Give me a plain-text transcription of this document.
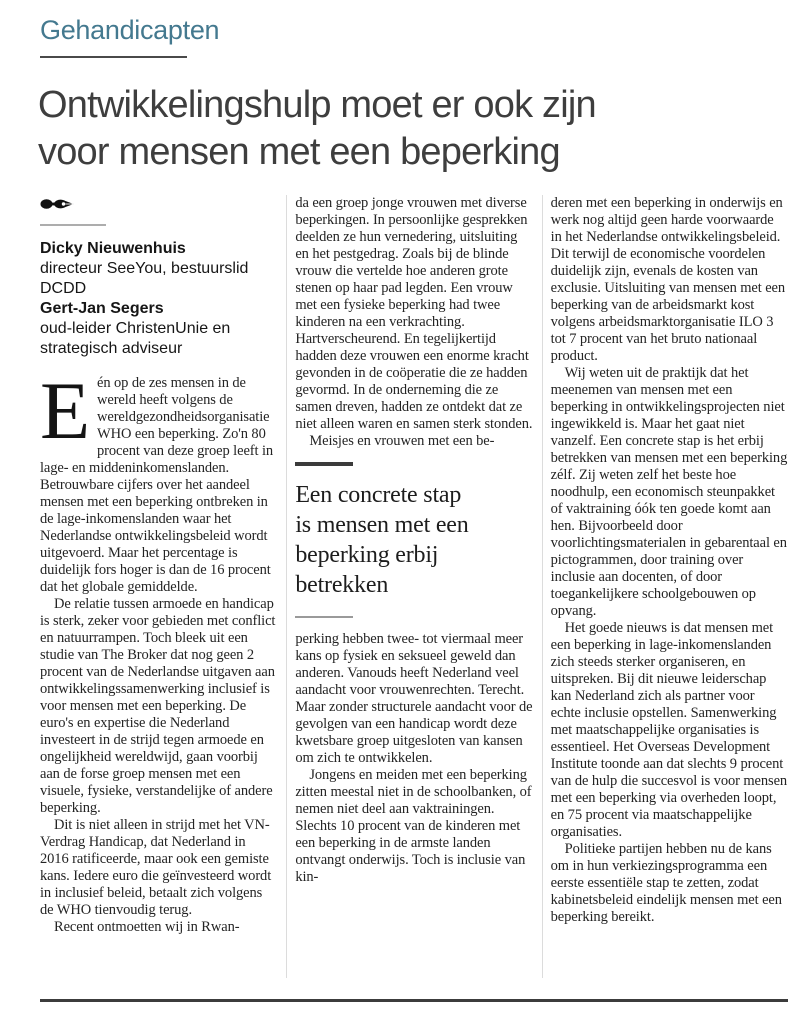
Gehandicapten
Ontwikkelingshulp moet er ook zijn
voor mensen met een beperking
Dicky Nieuwenhuis
directeur SeeYou, bestuurslid DCDD
Gert-Jan Segers
oud-leider ChristenUnie en strategisch adviseur

Eén op de zes mensen in de wereld heeft volgens de wereldgezondheidsorganisatie WHO een beperking. Zo'n 80 procent van deze groep leeft in lage- en middeninkomenslanden. Betrouwbare cijfers over het aandeel mensen met een beperking ontbreken in de lage-inkomenslanden waar het Nederlandse ontwikkelingsbeleid wordt uitgevoerd. Maar het percentage is duidelijk fors hoger is dan de 16 procent dat het globale gemiddelde.

De relatie tussen armoede en handicap is sterk, zeker voor gebieden met conflict en natuurrampen. Toch bleek uit een studie van The Broker dat nog geen 2 procent van de Nederlandse uitgaven aan ontwikkelingssamenwerking inclusief is voor mensen met een beperking. De euro's en expertise die Nederland investeert in de strijd tegen armoede en ongelijkheid wereldwijd, gaan voorbij aan de forse groep mensen met een visuele, fysieke, verstandelijke of andere beperking.

Dit is niet alleen in strijd met het VN-Verdrag Handicap, dat Nederland in 2016 ratificeerde, maar ook een gemiste kans. Iedere euro die geïnvesteerd wordt in inclusief beleid, betaalt zich volgens de WHO tienvoudig terug.

Recent ontmoetten wij in Rwan-

da een groep jonge vrouwen met diverse beperkingen. In persoonlijke gesprekken deelden ze hun vernedering, uitsluiting en het pestgedrag. Zoals bij de blinde vrouw die vertelde hoe anderen grote stenen op haar pad legden. Een vrouw met een fysieke beperking had twee kinderen na een verkrachting. Hartverscheurend. En tegelijkertijd hadden deze vrouwen een enorme kracht gevonden in de coöperatie die ze hadden gevormd. In de onderneming die ze samen dreven, hadden ze ontdekt dat ze niet alleen waren en samen sterk stonden.

Meisjes en vrouwen met een be-

Een concrete stap is mensen met een beperking erbij betrekken

perking hebben twee- tot viermaal meer kans op fysiek en seksueel geweld dan anderen. Vanouds heeft Nederland veel aandacht voor vrouwenrechten. Terecht. Maar zonder structurele aandacht voor de gevolgen van een handicap wordt deze kwetsbare groep uitgesloten van kansen om zich te ontwikkelen.

Jongens en meiden met een beperking zitten meestal niet in de schoolbanken, of nemen niet deel aan vaktrainingen. Slechts 10 procent van de kinderen met een beperking in de armste landen ontvangt onderwijs. Toch is inclusie van kin-

deren met een beperking in onderwijs en werk nog altijd geen harde voorwaarde in het Nederlandse ontwikkelingsbeleid. Dit terwijl de economische voordelen duidelijk zijn, evenals de kosten van exclusie. Uitsluiting van mensen met een beperking van de arbeidsmarkt kost volgens arbeidsmarktorganisatie ILO 3 tot 7 procent van het bruto nationaal product.

Wij weten uit de praktijk dat het meenemen van mensen met een beperking in ontwikkelingsprojecten niet ingewikkeld is. Maar het gaat niet vanzelf. Een concrete stap is het erbij betrekken van mensen met een beperking zélf. Zij weten zelf het beste hoe noodhulp, een economisch steunpakket of vaktraining óók ten goede komt aan hen. Bijvoorbeeld door voorlichtingsmaterialen in gebarentaal en pictogrammen, door training over inclusie aan docenten, of door toegankelijkere schoolgebouwen op opvang.

Het goede nieuws is dat mensen met een beperking in lage-inkomenslanden zich steeds sterker organiseren, en uitspreken. Bij dit nieuwe leiderschap kan Nederland zich als partner voor echte inclusie opstellen. Samenwerking met maatschappelijke organisaties is essentieel. Het Overseas Development Institute toonde aan dat slechts 9 procent van de hulp die succesvol is voor mensen met een beperking via overheden loopt, en 75 procent via maatschappelijke organisaties.

Politieke partijen hebben nu de kans om in hun verkiezingsprogramma een eerste essentiële stap te zetten, zodat kabinetsbeleid eindelijk mensen met een beperking bereikt.
